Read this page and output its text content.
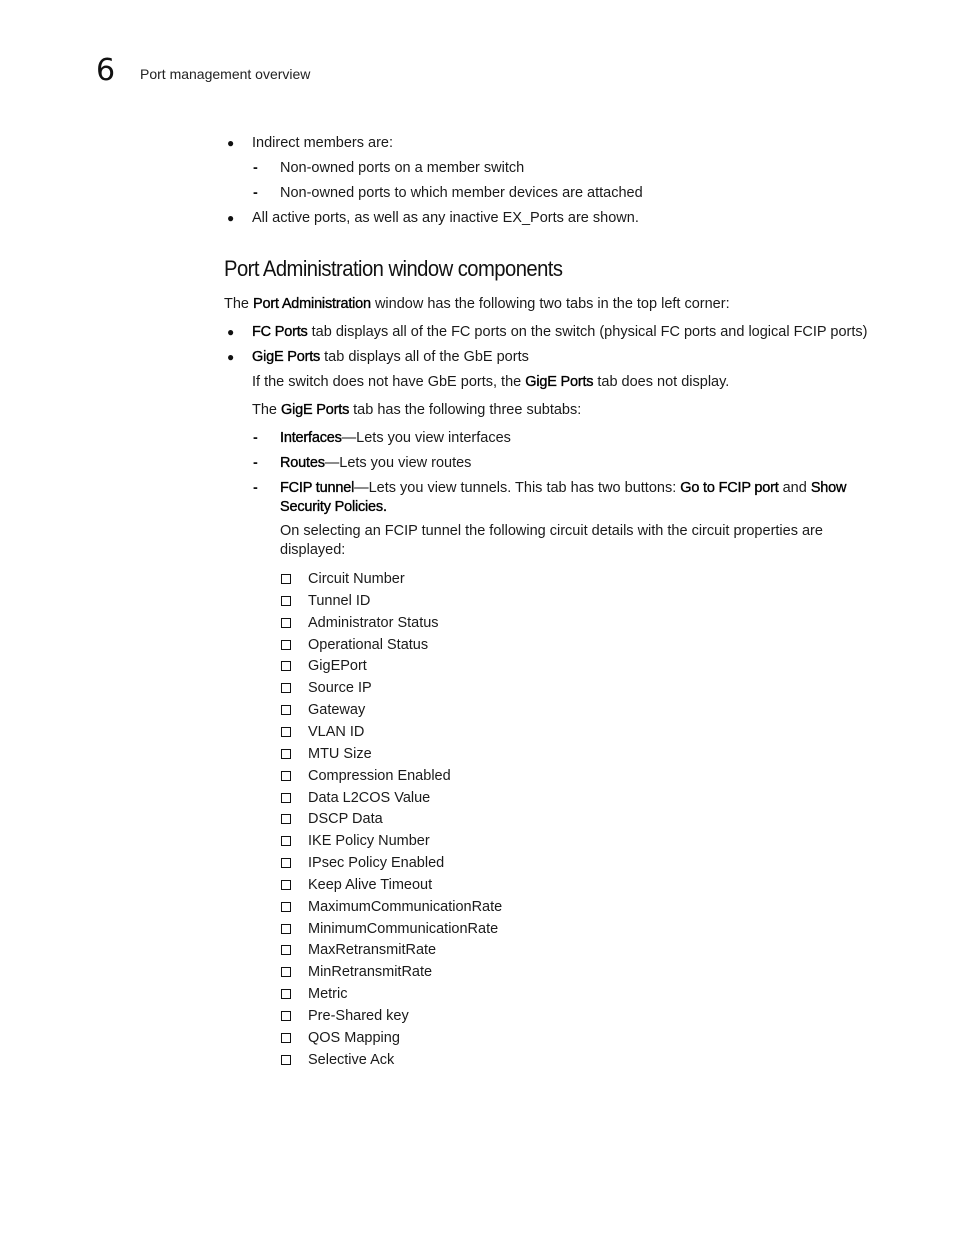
6 Port management overview
● Indirect members are:
- Non-owned ports on a member switch
- Non-owned ports to which member devices are attached
● All active ports, as well as any inactive EX_Ports are shown.
Port Administration window components
The Port Administration window has the following two tabs in the top left corner:
● FC Ports tab displays all of the FC ports on the switch (physical FC ports and logical FCIP ports)
● GigE Ports tab displays all of the GbE ports
If the switch does not have GbE ports, the GigE Ports tab does not display.
The GigE Ports tab has the following three subtabs:
- Interfaces—Lets you view interfaces
- Routes—Lets you view routes
- FCIP tunnel—Lets you view tunnels. This tab has two buttons: Go to FCIP port and Show
Security Policies.
On selecting an FCIP tunnel the following circuit details with the circuit properties are
displayed:
Circuit Number
Tunnel ID
Administrator Status
Operational Status
GigEPort
Source IP
Gateway
VLAN ID
MTU Size
Compression Enabled
Data L2COS Value
DSCP Data
IKE Policy Number
IPsec Policy Enabled
Keep Alive Timeout
MaximumCommunicationRate
MinimumCommunicationRate
MaxRetransmitRate
MinRetransmitRate
Metric
Pre-Shared key
QOS Mapping
Selective Ack
